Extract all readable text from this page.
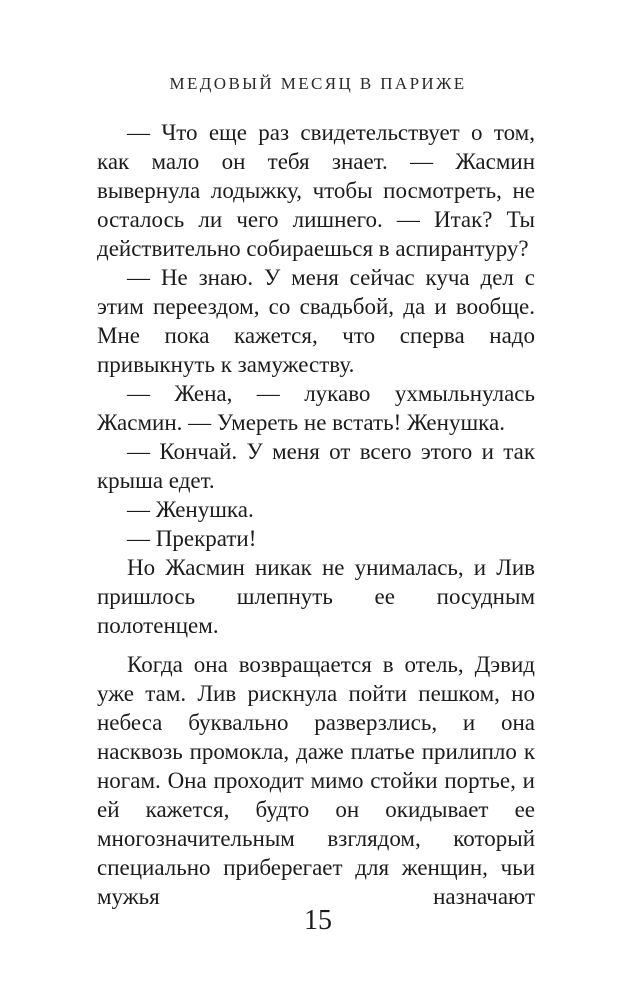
МЕДОВЫЙ МЕСЯЦ В ПАРИЖЕ

— Что еще раз свидетельствует о том, как мало он тебя знает. — Жасмин вывернула лодыжку, чтобы посмотреть, не осталось ли чего лишнего. — Итак? Ты действительно собираешься в аспирантуру?

— Не знаю. У меня сейчас куча дел с этим переездом, со свадьбой, да и вообще. Мне пока кажется, что сперва надо привыкнуть к замужеству.

— Жена, — лукаво ухмыльнулась Жасмин. — Умереть не встать! Женушка.

— Кончай. У меня от всего этого и так крыша едет.

— Женушка.

— Прекрати!

Но Жасмин никак не унималась, и Лив пришлось шлепнуть ее посудным полотенцем.

Когда она возвращается в отель, Дэвид уже там. Лив рискнула пойти пешком, но небеса буквально разверзлись, и она насквозь промокла, даже платье прилипло к ногам. Она проходит мимо стойки портье, и ей кажется, будто он окидывает ее многозначительным взглядом, который специально приберегает для женщин, чьи мужья назначают

15
